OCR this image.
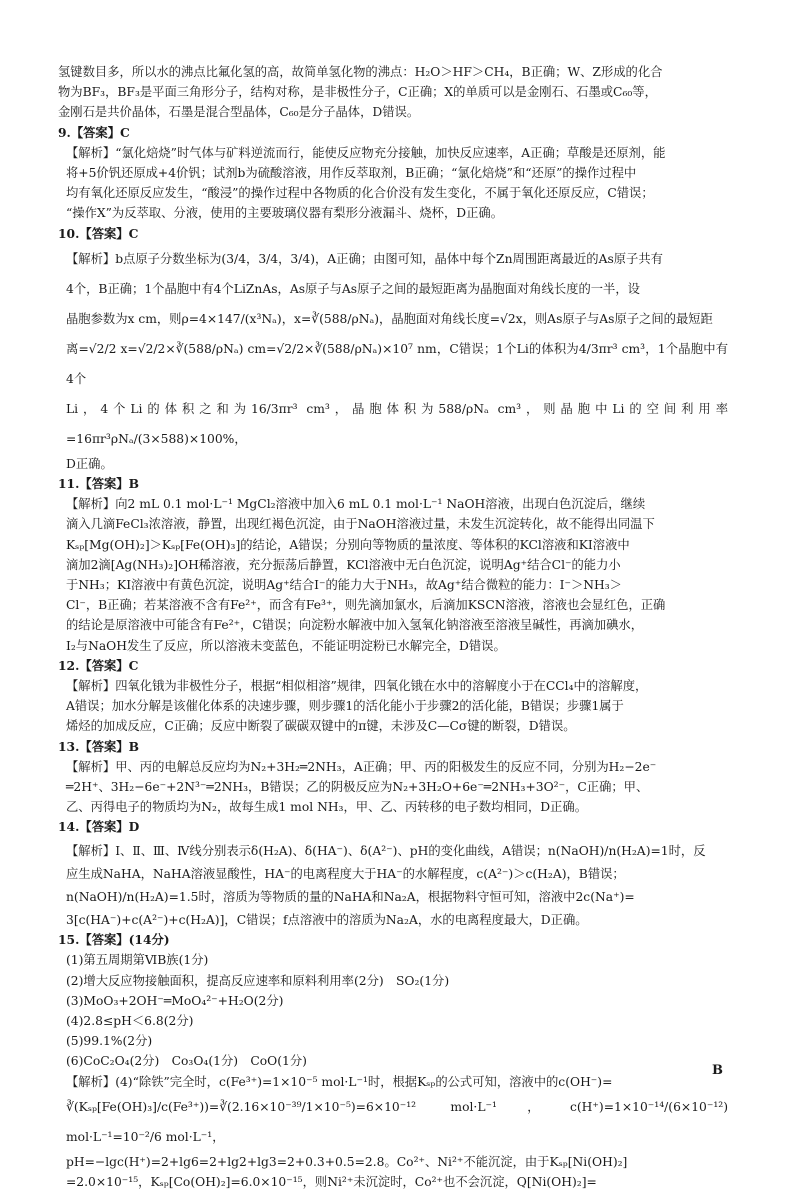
氢键数目多，所以水的沸点比氟化氢的高，故简单氢化物的沸点：H₂O＞HF＞CH₄，B正确；W、Z形成的化合

物为BF₃，BF₃是平面三角形分子，结构对称，是非极性分子，C正确；X的单质可以是金刚石、石墨或C₆₀等，

金刚石是共价晶体，石墨是混合型晶体，C₆₀是分子晶体，D错误。

9.【答案】C

【解析】“氯化焙烧”时气体与矿料逆流而行，能使反应物充分接触，加快反应速率，A正确；草酸是还原剂，能

将+5价钒还原成+4价钒；试剂b为硫酸溶液，用作反萃取剂，B正确；“氯化焙烧”和“还原”的操作过程中

均有氧化还原反应发生，“酸浸”的操作过程中各物质的化合价没有发生变化，不属于氧化还原反应，C错误；

“操作X”为反萃取、分液，使用的主要玻璃仪器有梨形分液漏斗、烧杯，D正确。

10.【答案】C

【解析】b点原子分数坐标为(3/4，3/4，3/4)，A正确；由图可知，晶体中每个Zn周围距离最近的As原子共有

4个，B正确；1个晶胞中有4个LiZnAs，As原子与As原子之间的最短距离为晶胞面对角线长度的一半，设

晶胞参数为x cm，则ρ=4×147/(x³Nₐ)，x=∛(588/ρNₐ)，晶胞面对角线长度=√2x，则As原子与As原子之间的最短距

离=√2/2 x=√2/2×∛(588/ρNₐ) cm=√2/2×∛(588/ρNₐ)×10⁷ nm，C错误；1个Li的体积为4/3πr³ cm³，1个晶胞中有4个

Li，4个Li的体积之和为16/3πr³ cm³，晶胞体积为588/ρNₐ cm³，则晶胞中Li的空间利用率=16πr³ρNₐ/(3×588)×100%，

D正确。

11.【答案】B

【解析】向2 mL 0.1 mol·L⁻¹ MgCl₂溶液中加入6 mL 0.1 mol·L⁻¹ NaOH溶液，出现白色沉淀后，继续

滴入几滴FeCl₃浓溶液，静置，出现红褐色沉淀，由于NaOH溶液过量，未发生沉淀转化，故不能得出同温下

Kₛₚ[Mg(OH)₂]＞Kₛₚ[Fe(OH)₃]的结论，A错误；分别向等物质的量浓度、等体积的KCl溶液和KI溶液中

滴加2滴[Ag(NH₃)₂]OH稀溶液，充分振荡后静置，KCl溶液中无白色沉淀，说明Ag⁺结合Cl⁻的能力小

于NH₃；KI溶液中有黄色沉淀，说明Ag⁺结合I⁻的能力大于NH₃，故Ag⁺结合微粒的能力：I⁻＞NH₃＞

Cl⁻，B正确；若某溶液不含有Fe²⁺，而含有Fe³⁺，则先滴加氯水，后滴加KSCN溶液，溶液也会显红色，正确

的结论是原溶液中可能含有Fe²⁺，C错误；向淀粉水解液中加入氢氧化钠溶液至溶液呈碱性，再滴加碘水，

I₂与NaOH发生了反应，所以溶液未变蓝色，不能证明淀粉已水解完全，D错误。

12.【答案】C

【解析】四氧化锇为非极性分子，根据“相似相溶”规律，四氧化锇在水中的溶解度小于在CCl₄中的溶解度，

A错误；加水分解是该催化体系的决速步骤，则步骤1的活化能小于步骤2的活化能，B错误；步骤1属于

烯烃的加成反应，C正确；反应中断裂了碳碳双键中的π键，未涉及C—Cσ键的断裂，D错误。

13.【答案】B

【解析】甲、丙的电解总反应均为N₂+3H₂═2NH₃，A正确；甲、丙的阳极发生的反应不同，分别为H₂−2e⁻

═2H⁺、3H₂−6e⁻+2N³⁻═2NH₃，B错误；乙的阴极反应为N₂+3H₂O+6e⁻═2NH₃+3O²⁻，C正确；甲、

乙、丙得电子的物质均为N₂，故每生成1 mol NH₃，甲、乙、丙转移的电子数均相同，D正确。

14.【答案】D

【解析】Ⅰ、Ⅱ、Ⅲ、Ⅳ线分别表示δ(H₂A)、δ(HA⁻)、δ(A²⁻)、pH的变化曲线，A错误；n(NaOH)/n(H₂A)=1时，反

应生成NaHA，NaHA溶液显酸性，HA⁻的电离程度大于HA⁻的水解程度，c(A²⁻)＞c(H₂A)，B错误；

n(NaOH)/n(H₂A)=1.5时，溶质为等物质的量的NaHA和Na₂A，根据物料守恒可知，溶液中2c(Na⁺)=

3[c(HA⁻)+c(A²⁻)+c(H₂A)]，C错误；f点溶液中的溶质为Na₂A，水的电离程度最大，D正确。

15.【答案】(14分)

(1)第五周期第ⅥB族(1分)

(2)增大反应物接触面积，提高反应速率和原料利用率(2分)　SO₂(1分)

(3)MoO₃+2OH⁻═MoO₄²⁻+H₂O(2分)

(4)2.8≤pH＜6.8(2分)

(5)99.1%(2分)

(6)CoC₂O₄(2分)　Co₃O₄(1分)　CoO(1分)

【解析】(4)“除铁”完全时，c(Fe³⁺)=1×10⁻⁵ mol·L⁻¹时，根据Kₛₚ的公式可知，溶液中的c(OH⁻)=

∛(Kₛₚ[Fe(OH)₃]/c(Fe³⁺))=∛(2.16×10⁻³⁹/1×10⁻⁵)=6×10⁻¹² mol·L⁻¹，c(H⁺)=1×10⁻¹⁴/(6×10⁻¹²) mol·L⁻¹=10⁻²/6 mol·L⁻¹，

pH=−lgc(H⁺)=2+lg6=2+lg2+lg3=2+0.3+0.5=2.8。Co²⁺、Ni²⁺不能沉淀，由于Kₛₚ[Ni(OH)₂]

=2.0×10⁻¹⁵，Kₛₚ[Co(OH)₂]=6.0×10⁻¹⁵，则Ni²⁺未沉淀时，Co²⁺也不会沉淀，Q[Ni(OH)₂]=

B
